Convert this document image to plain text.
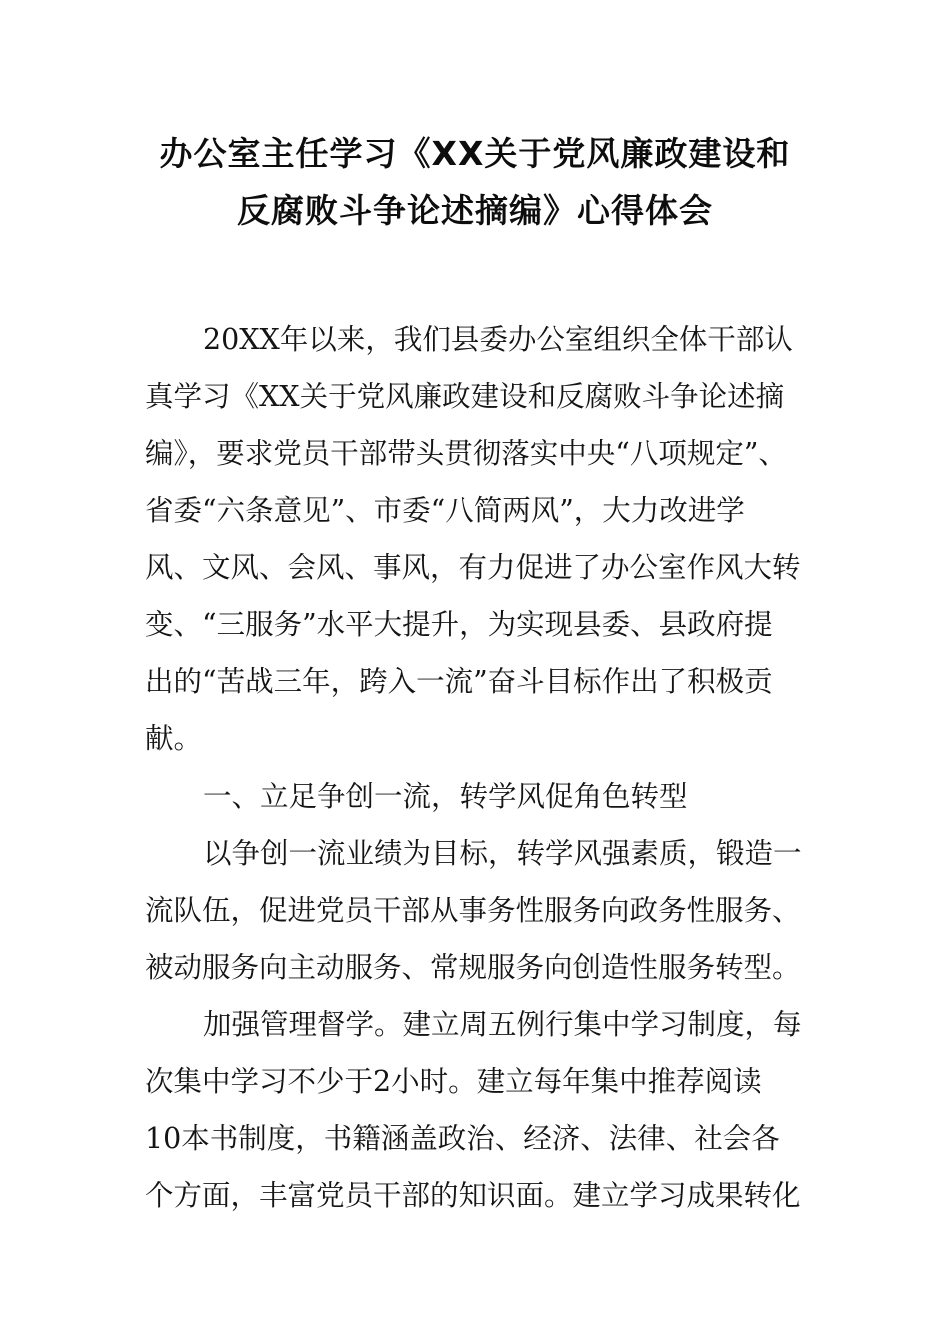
办公室主任学习《XX关于党风廉政建设和
反腐败斗争论述摘编》心得体会
20XX年以来，我们县委办公室组织全体干部认
真学习《XX关于党风廉政建设和反腐败斗争论述摘
编》，要求党员干部带头贯彻落实中央“八项规定”、
省委“六条意见”、市委“八简两风”，大力改进学
风、文风、会风、事风，有力促进了办公室作风大转
变、“三服务”水平大提升，为实现县委、县政府提
出的“苦战三年，跨入一流”奋斗目标作出了积极贡
献。
一、立足争创一流，转学风促角色转型
以争创一流业绩为目标，转学风强素质，锻造一
流队伍，促进党员干部从事务性服务向政务性服务、
被动服务向主动服务、常规服务向创造性服务转型。
加强管理督学。建立周五例行集中学习制度，每
次集中学习不少于2小时。建立每年集中推荐阅读
10本书制度，书籍涵盖政治、经济、法律、社会各
个方面，丰富党员干部的知识面。建立学习成果转化
